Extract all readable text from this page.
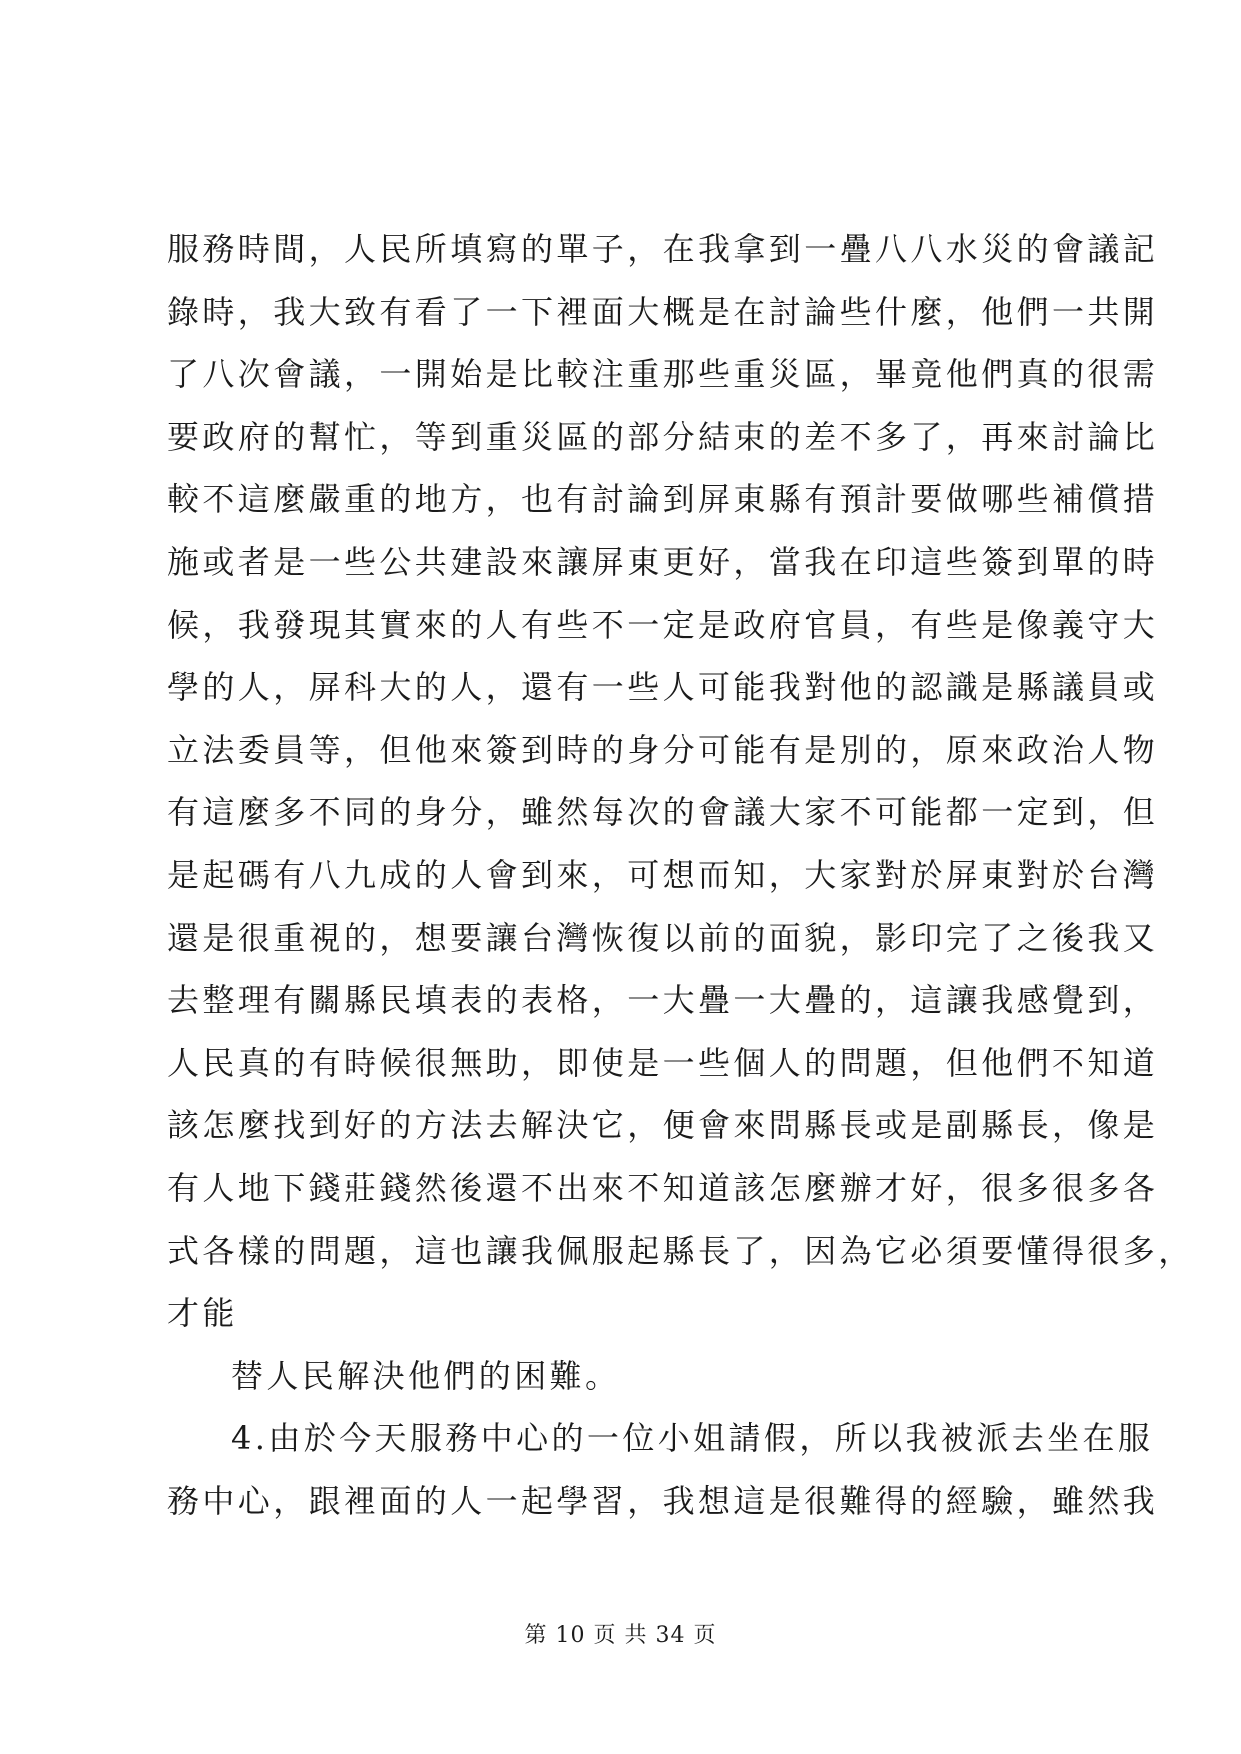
服務時間，人民所填寫的單子，在我拿到一疊八八水災的會議記
錄時，我大致有看了一下裡面大概是在討論些什麼，他們一共開
了八次會議，一開始是比較注重那些重災區，畢竟他們真的很需
要政府的幫忙，等到重災區的部分結束的差不多了，再來討論比
較不這麼嚴重的地方，也有討論到屏東縣有預計要做哪些補償措
施或者是一些公共建設來讓屏東更好，當我在印這些簽到單的時
候，我發現其實來的人有些不一定是政府官員，有些是像義守大
學的人，屏科大的人，還有一些人可能我對他的認識是縣議員或
立法委員等，但他來簽到時的身分可能有是別的，原來政治人物
有這麼多不同的身分，雖然每次的會議大家不可能都一定到，但
是起碼有八九成的人會到來，可想而知，大家對於屏東對於台灣
還是很重視的，想要讓台灣恢復以前的面貌，影印完了之後我又
去整理有關縣民填表的表格，一大疊一大疊的，這讓我感覺到，
人民真的有時候很無助，即使是一些個人的問題，但他們不知道
該怎麼找到好的方法去解決它，便會來問縣長或是副縣長，像是
有人地下錢莊錢然後還不出來不知道該怎麼辦才好，很多很多各
式各樣的問題，這也讓我佩服起縣長了，因為它必須要懂得很多，
才能
替人民解決他們的困難。
4.由於今天服務中心的一位小姐請假，所以我被派去坐在服
務中心，跟裡面的人一起學習，我想這是很難得的經驗，雖然我
第 10 页 共 34 页
